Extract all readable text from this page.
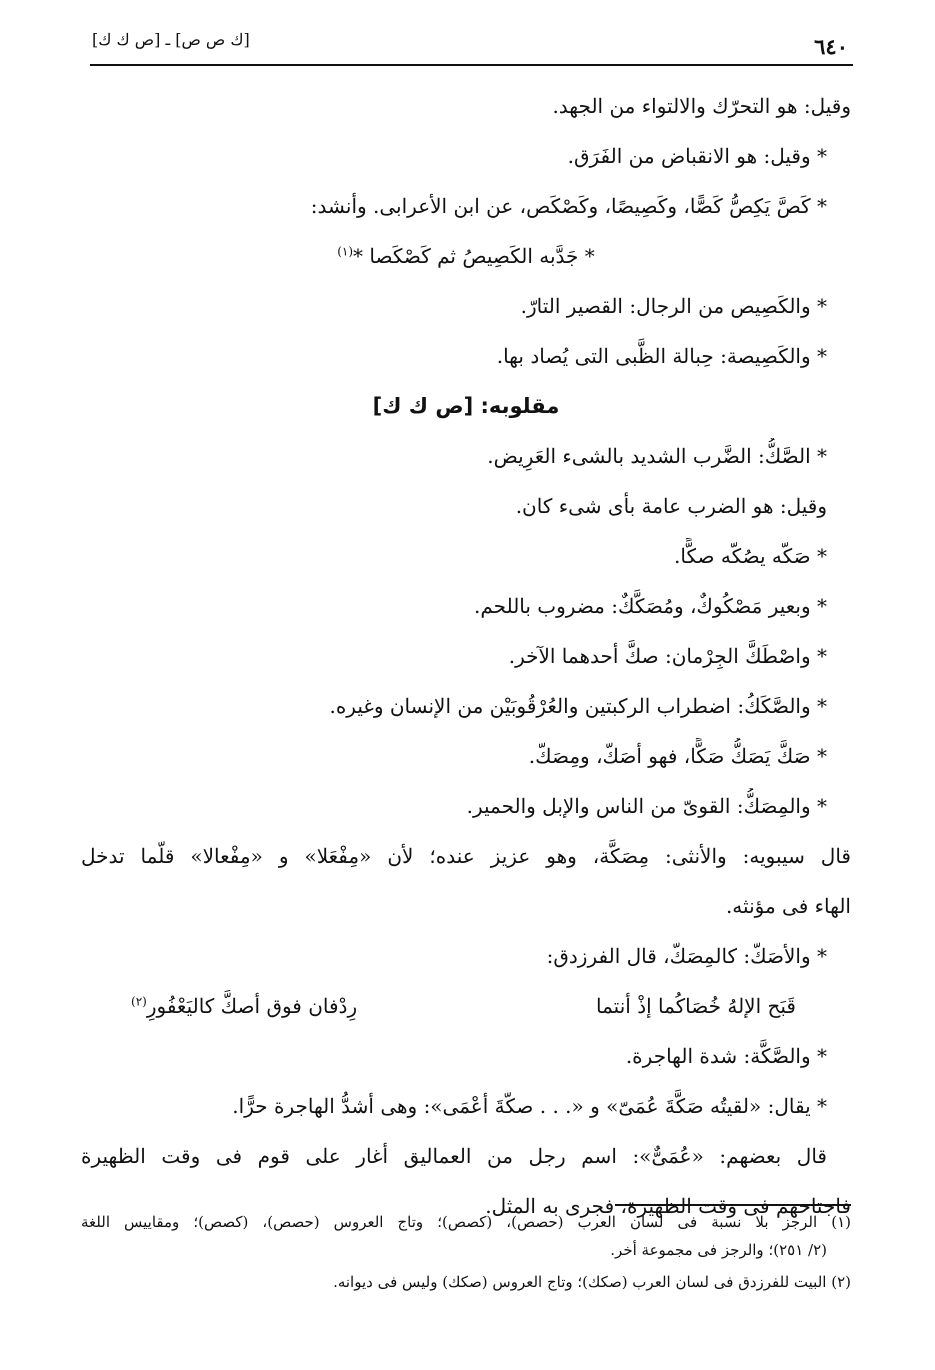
٦٤٠
[ك ص ص] ـ [ص ك ك]
وقيل: هو التحرّك والالتواء من الجهد.
* وقيل: هو الانقباض من الفَرَق.
* كَصَّ يَكِصُّ كَصًّا، وكَصِيصًا، وكَصْكَص، عن ابن الأعرابى. وأنشد:
* جَدَّبه الكَصِيصُ ثم كَصْكَصا *$^{(١)}$
* والكَصِيص من الرجال: القصير التارّ.
* والكَصِيصة: حِبالة الظَّبى التى يُصاد بها.
مقلوبه: [ص ك ك]
* الصَّكُّ: الضَّرب الشديد بالشىء العَرِيض.
وقيل: هو الضرب عامة بأى شىء كان.
* صَكّه يصُكّه صكًّا.
* وبعير مَصْكُوكٌ، ومُصَكَّكٌ: مضروب باللحم.
* واصْطَكَّ الجِرْمان: صكَّ أحدهما الآخر.
* والصَّكَكُ: اضطراب الركبتين والعُرْقُوبَيْن من الإنسان وغيره.
* صَكَّ يَصَكُّ صَكًّا، فهو أصَكّ، ومِصَكّ.
* والمِصَكُّ: القوىّ من الناس والإبل والحمير.
قال سيبويه: والأنثى: مِصَكَّة، وهو عزيز عنده؛ لأن «مِفْعَلا» و «مِفْعالا» قلّما تدخل
الهاء فى مؤنثه.
* والأصَكّ: كالمِصَكّ، قال الفرزدق:
قَبَح الإلهُ خُصَاكُما إذْ أنتما
رِدْفان فوق أصكَّ كاليَعْفُورِ$^{(٢)}$
* والصَّكَّة: شدة الهاجرة.
* يقال: «لقيتُه صَكَّةَ عُمَىّ» و «. . . صكّةَ أعْمَى»: وهى أشدُّ الهاجرة حرًّا.
قال بعضهم: «عُمَىٌّ»: اسم رجل من العماليق أغار على قوم فى وقت الظهيرة
فاجتاحهم فى وقت الظهيرة، فجرى به المثل.
(١) الرجز بلا نسبة فى لسان العرب (حصص)، (كصص)؛ وتاج العروس (حصص)، (كصص)؛ ومقاييس اللغة
(٢/ ٢٥١)؛ والرجز فى مجموعة أخر.
(٢) البيت للفرزدق فى لسان العرب (صكك)؛ وتاج العروس (صكك) وليس فى ديوانه.
